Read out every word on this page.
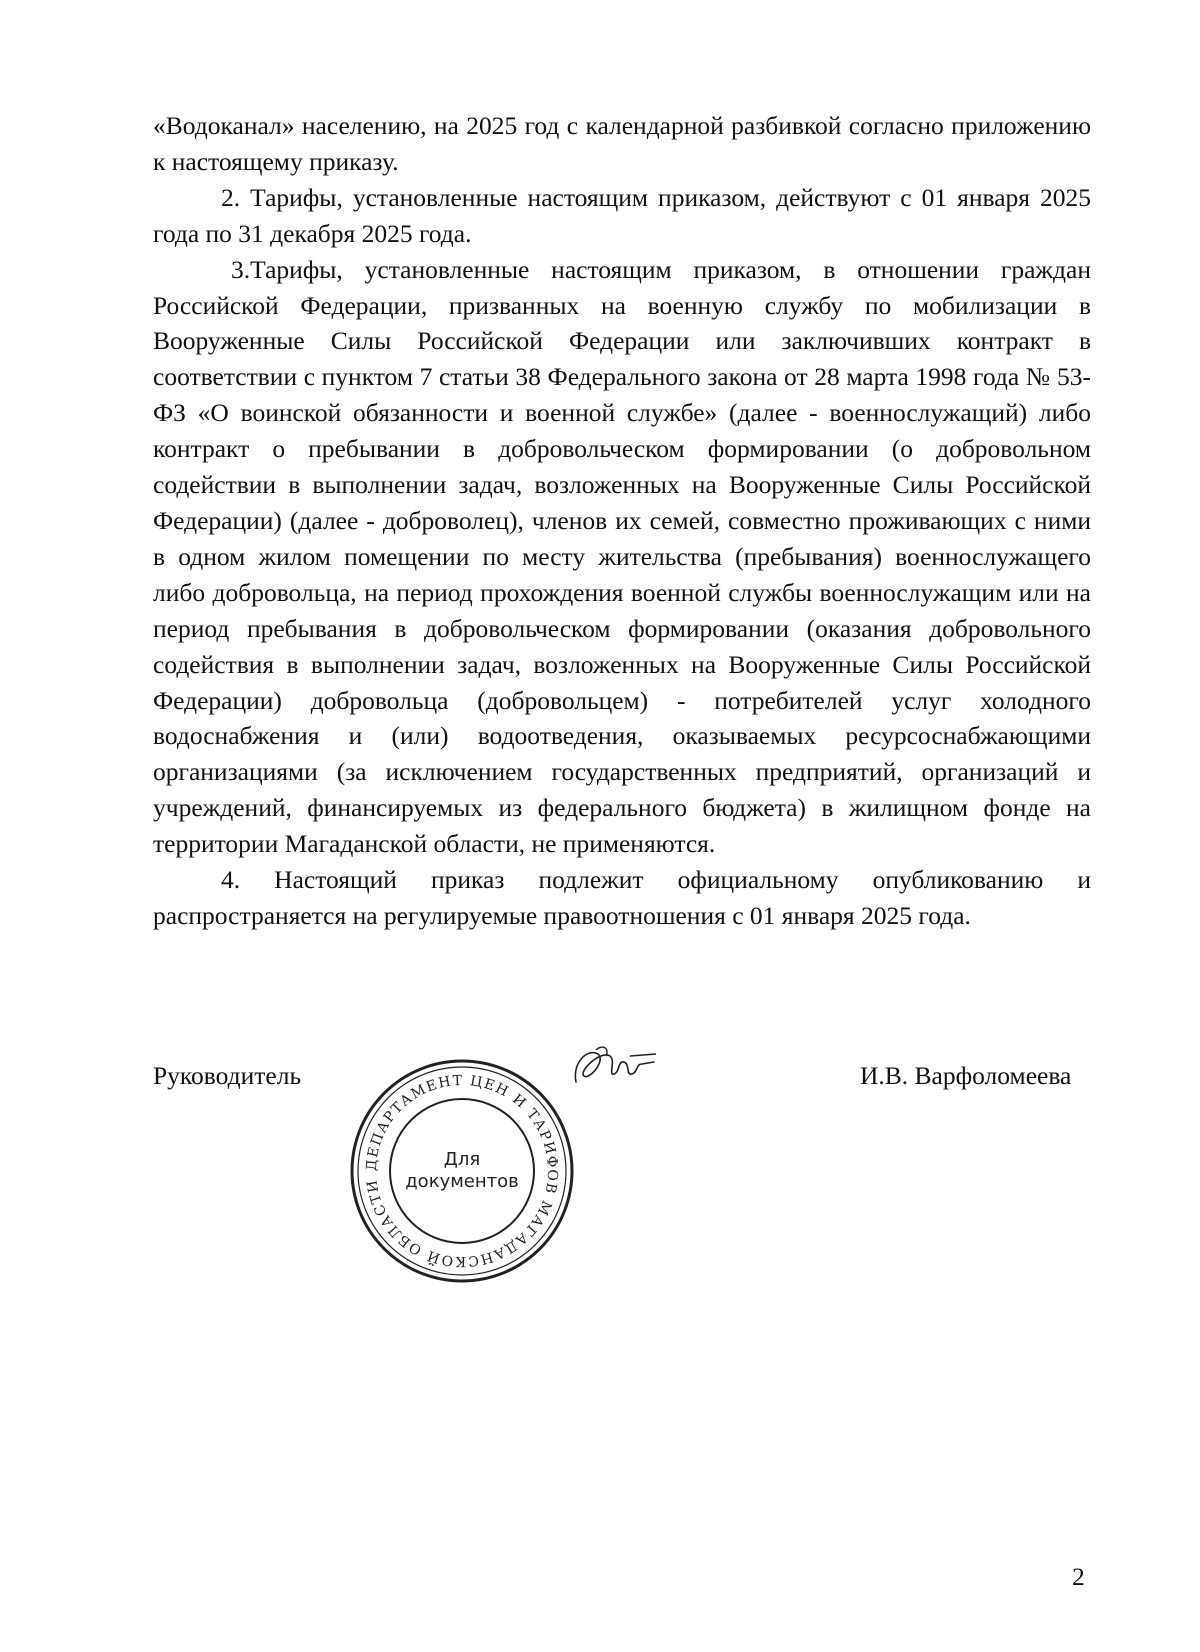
«Водоканал» населению, на 2025 год с календарной разбивкой согласно приложению к настоящему приказу.

2. Тарифы, установленные настоящим приказом, действуют с 01 января 2025 года по 31 декабря 2025 года.

3.Тарифы, установленные настоящим приказом, в отношении граждан Российской Федерации, призванных на военную службу по мобилизации в Вооруженные Силы Российской Федерации или заключивших контракт в соответствии с пунктом 7 статьи 38 Федерального закона от 28 марта 1998 года № 53-ФЗ «О воинской обязанности и военной службе» (далее - военнослужащий) либо контракт о пребывании в добровольческом формировании (о добровольном содействии в выполнении задач, возложенных на Вооруженные Силы Российской Федерации) (далее - доброволец), членов их семей, совместно проживающих с ними в одном жилом помещении по месту жительства (пребывания) военнослужащего либо добровольца, на период прохождения военной службы военнослужащим или на период пребывания в добровольческом формировании (оказания добровольного содействия в выполнении задач, возложенных на Вооруженные Силы Российской Федерации) добровольца (добровольцем) - потребителей услуг холодного водоснабжения и (или) водоотведения, оказываемых ресурсоснабжающими организациями (за исключением государственных предприятий, организаций и учреждений, финансируемых из федерального бюджета) в жилищном фонде на территории Магаданской области, не применяются.

4. Настоящий приказ подлежит официальному опубликованию и распространяется на регулируемые правоотношения с 01 января 2025 года.

Руководитель	И.В. Варфоломеева
ДЕПАРТАМЕНТ ЦЕН И ТАРИФОВ МАГАДАНСКОЙ ОБЛАСТИ
Для
документов
2
